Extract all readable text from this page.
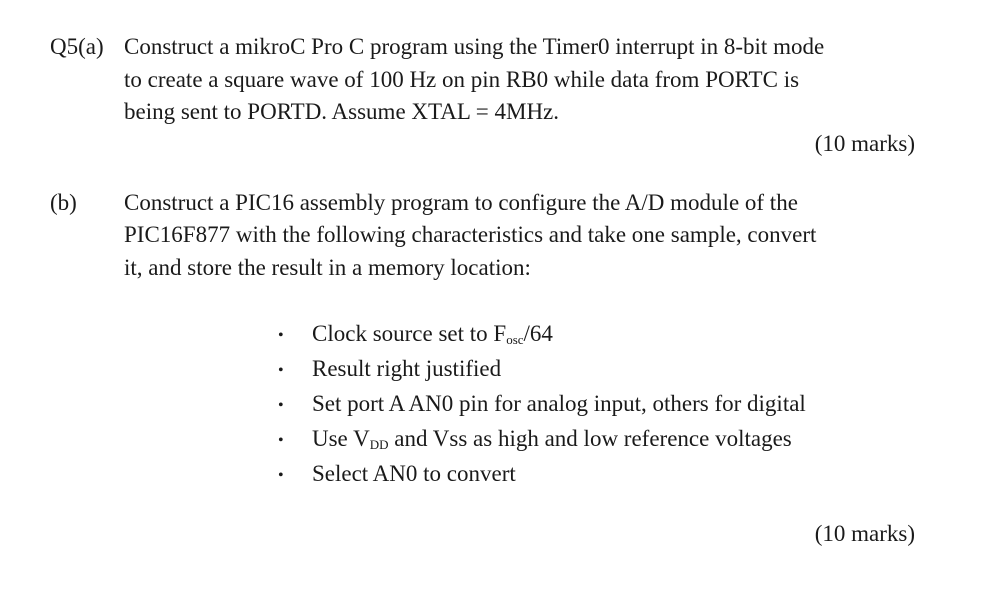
Q5(a) Construct a mikroC Pro C program using the Timer0 interrupt in 8-bit mode
to create a square wave of 100 Hz on pin RB0 while data from PORTC is
being sent to PORTD. Assume XTAL = 4MHz.
(10 marks)
(b) Construct a PIC16 assembly program to configure the A/D module of the
PIC16F877 with the following characteristics and take one sample, convert
it, and store the result in a memory location:
• Clock source set to $F_{osc}/64$
• Result right justified
• Set port A AN0 pin for analog input, others for digital
• Use $V_{DD}$ and Vss as high and low reference voltages
• Select AN0 to convert
(10 marks)
